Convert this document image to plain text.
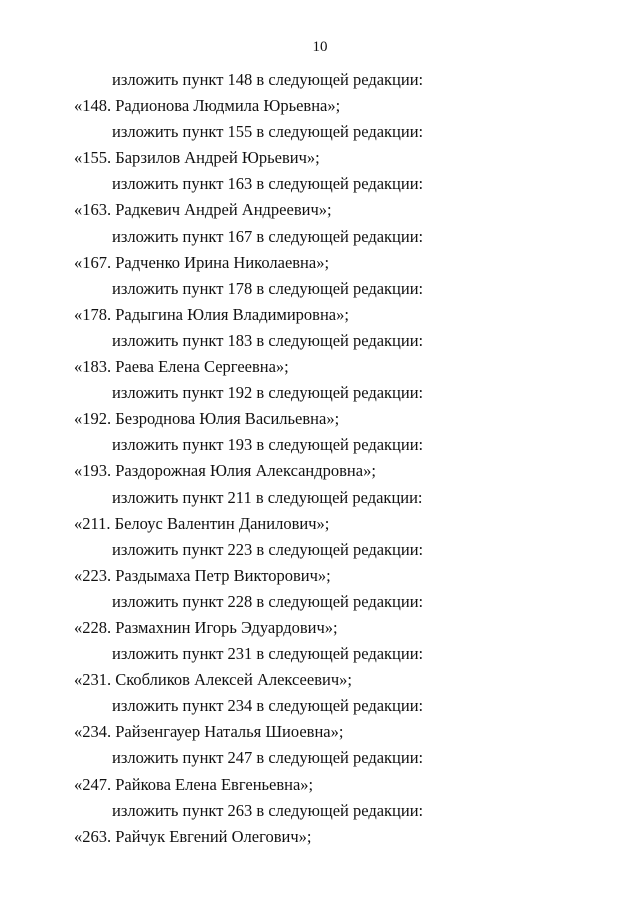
10
изложить пункт 148 в следующей редакции:
«148. Радионова Людмила Юрьевна»;
изложить пункт 155 в следующей редакции:
«155. Барзилов Андрей Юрьевич»;
изложить пункт 163 в следующей редакции:
«163. Радкевич Андрей Андреевич»;
изложить пункт 167 в следующей редакции:
«167. Радченко Ирина Николаевна»;
изложить пункт 178 в следующей редакции:
«178. Радыгина Юлия Владимировна»;
изложить пункт 183 в следующей редакции:
«183. Раева Елена Сергеевна»;
изложить пункт 192 в следующей редакции:
«192. Безроднова Юлия Васильевна»;
изложить пункт 193 в следующей редакции:
«193. Раздорожная Юлия Александровна»;
изложить пункт 211 в следующей редакции:
«211. Белоус Валентин Данилович»;
изложить пункт 223 в следующей редакции:
«223. Раздымаха Петр Викторович»;
изложить пункт 228 в следующей редакции:
«228. Размахнин Игорь Эдуардович»;
изложить пункт 231 в следующей редакции:
«231. Скобликов Алексей Алексеевич»;
изложить пункт 234 в следующей редакции:
«234. Райзенгауер Наталья Шиоевна»;
изложить пункт 247 в следующей редакции:
«247. Райкова Елена Евгеньевна»;
изложить пункт 263 в следующей редакции:
«263. Райчук Евгений Олегович»;
